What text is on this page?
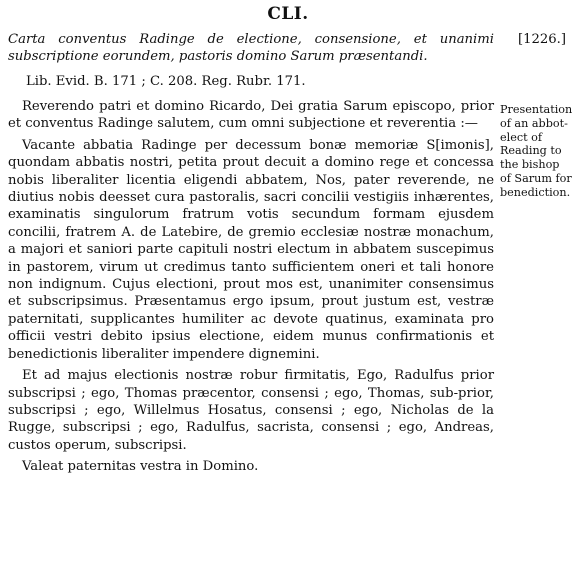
CLI.
Carta conventus Radinge de electione, consensione, et unanimi subscriptione eorundem, pastoris domino Sarum præsentandi.
[1226.]
Lib. Evid. B. 171 ; C. 208. Reg. Rubr. 171.

Reverendo patri et domino Ricardo, Dei gratia Sarum episcopo, prior et conventus Radinge salutem, cum omni subjectione et reverentia :—

Vacante abbatia Radinge per decessum bonæ memoriæ S[imonis], quondam abbatis nostri, petita prout decuit a domino rege et concessa nobis liberaliter licentia eligendi abbatem, Nos, pater reverende, ne diutius nobis deesset cura pastoralis, sacri concilii vestigiis inhærentes, examinatis singulorum fratrum votis secundum formam ejusdem concilii, fratrem A. de Latebire, de gremio ecclesiæ nostræ monachum, a majori et saniori parte capituli nostri electum in abbatem suscepimus in pastorem, virum ut credimus tanto sufficientem oneri et tali honore non indignum. Cujus electioni, prout mos est, unanimiter consensimus et subscripsimus. Præsentamus ergo ipsum, prout justum est, vestræ paternitati, supplicantes humiliter ac devote quatinus, examinata pro officii vestri debito ipsius electione, eidem munus confirmationis et benedictionis liberaliter impendere dignemini.

Et ad majus electionis nostræ robur firmitatis, Ego, Radulfus prior subscripsi ; ego, Thomas præcentor, consensi ; ego, Thomas, sub-prior, subscripsi ; ego, Willelmus Hosatus, consensi ; ego, Nicholas de la Rugge, subscripsi ; ego, Radulfus, sacrista, consensi ; ego, Andreas, custos operum, subscripsi.

Valeat paternitas vestra in Domino.

Presentation of an abbot-elect of Reading to the bishop of Sarum for benediction.
